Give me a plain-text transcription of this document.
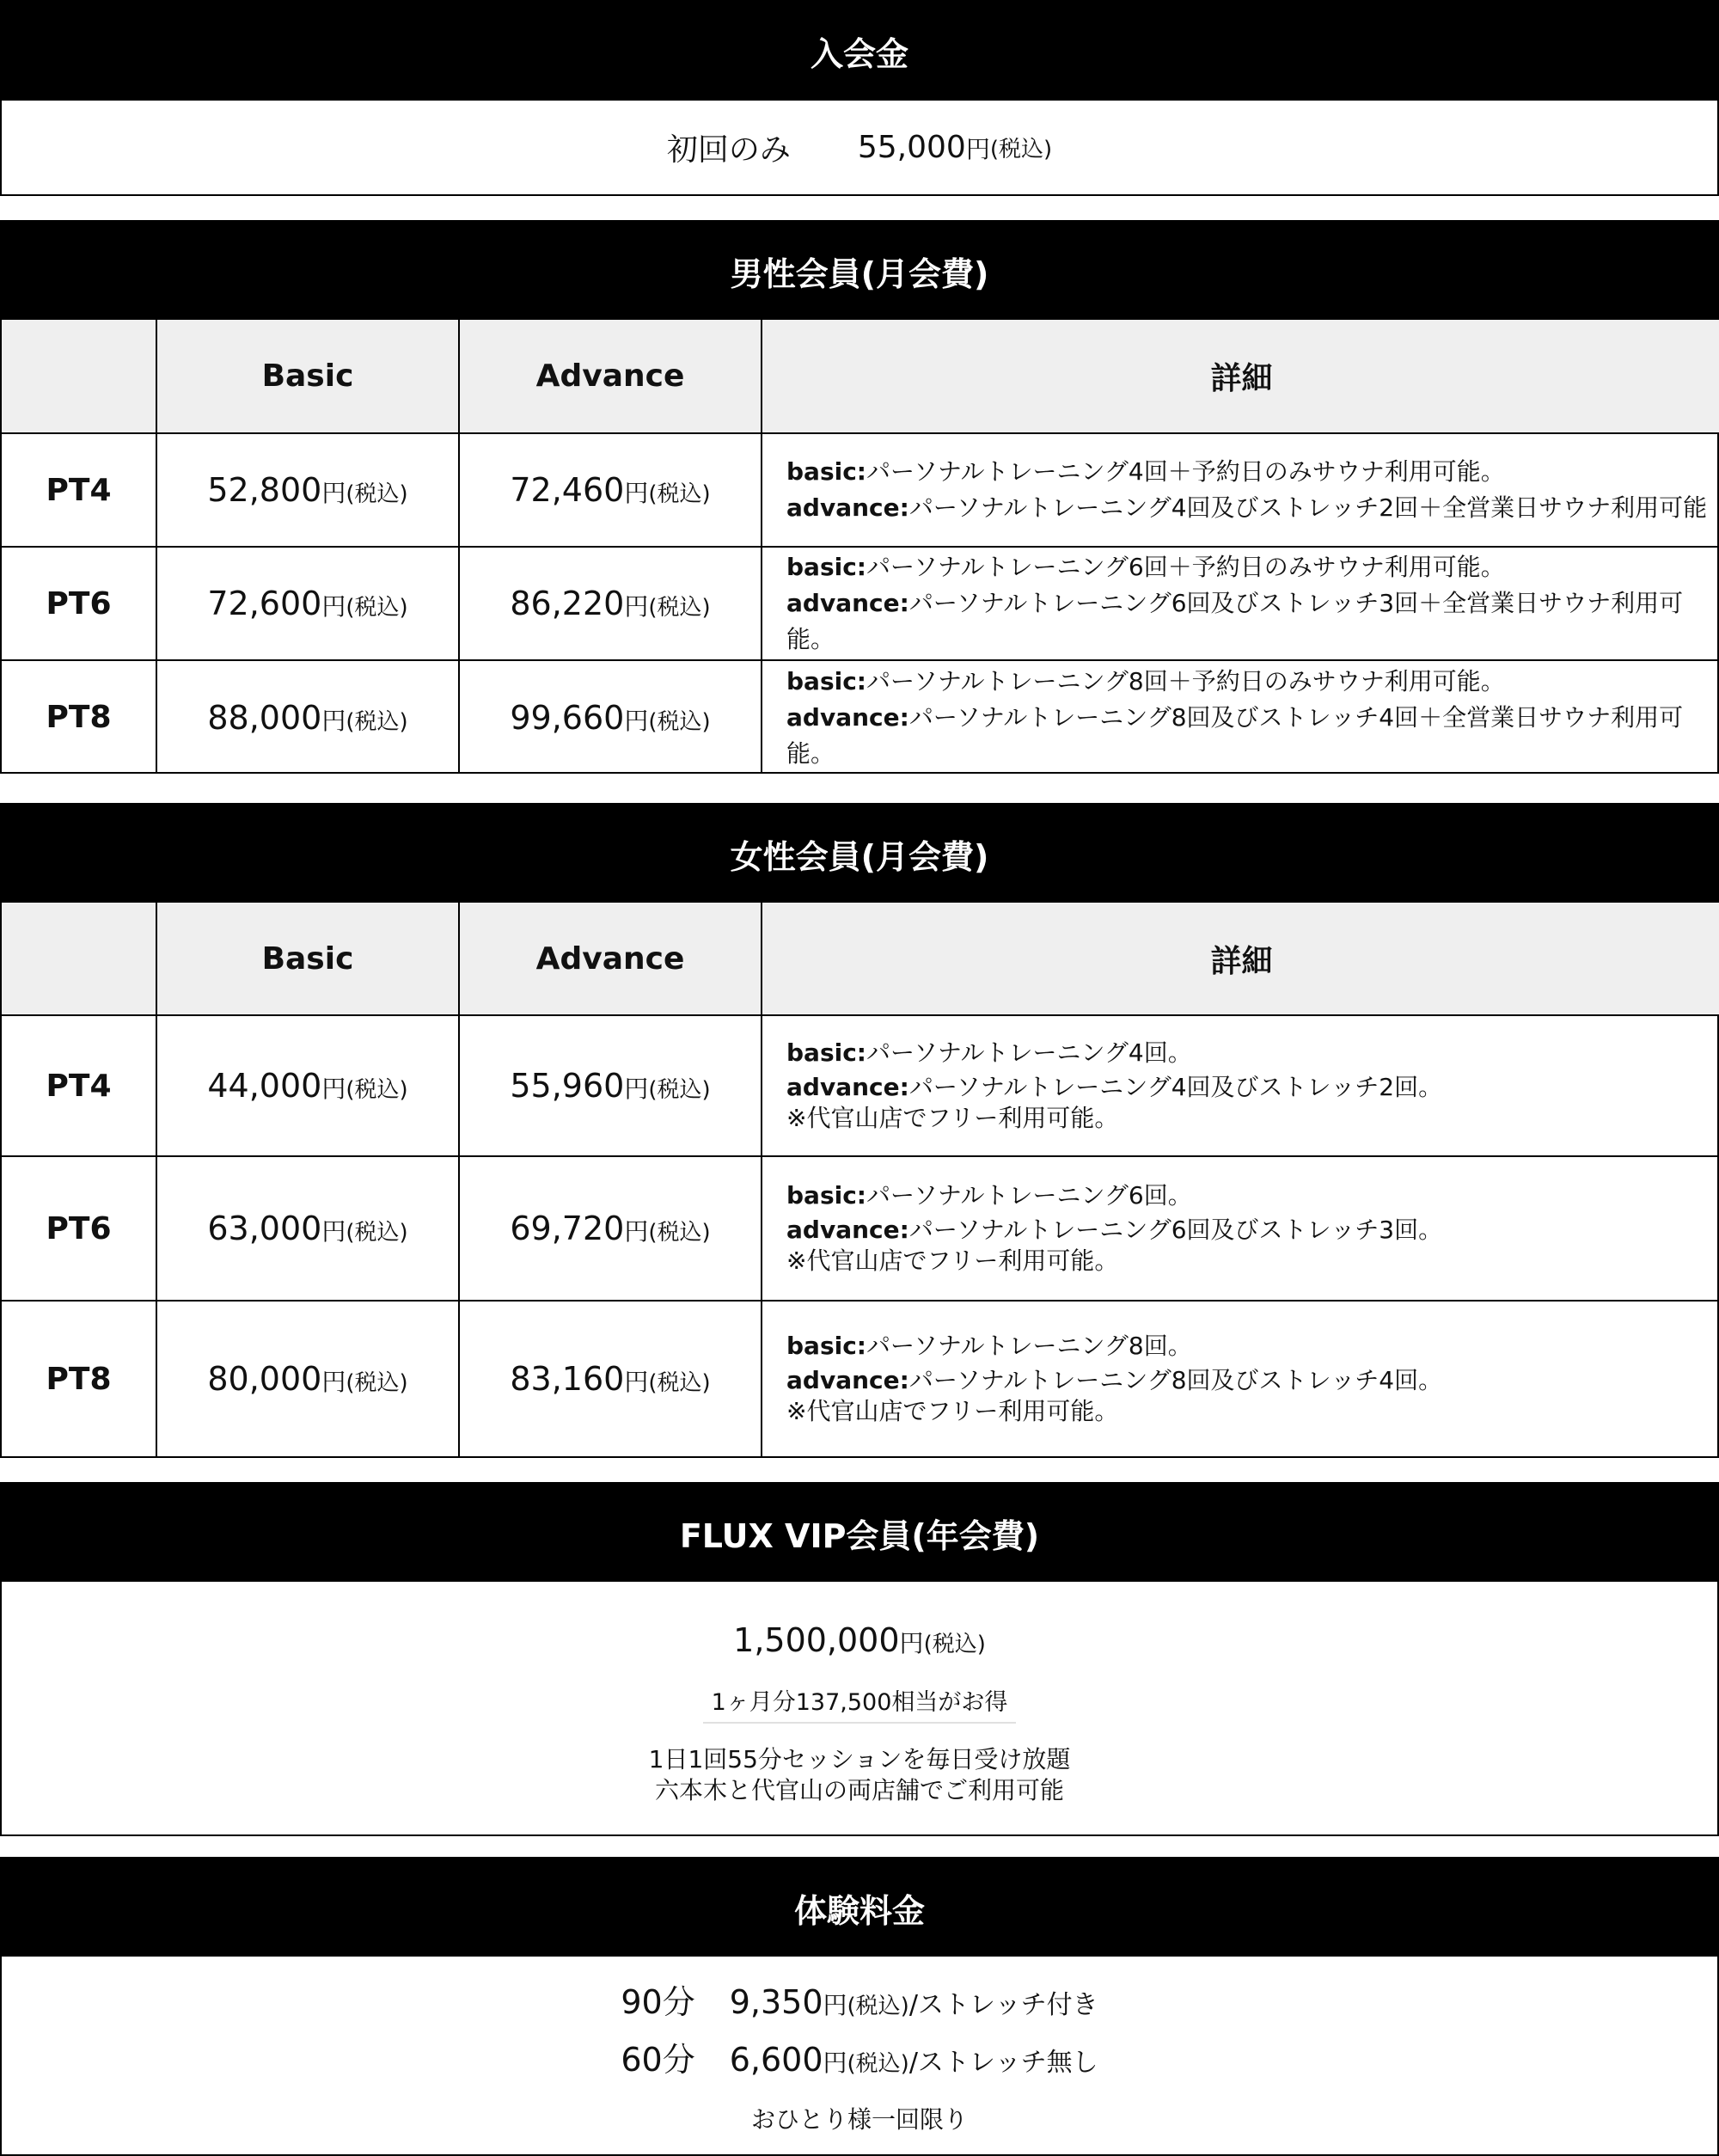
入会金
初回のみ 55,000 円 (税込)
男性会員(月会費)
	Basic	Advance	詳細
PT4	52,800円(税込)	72,460円(税込)	basic:パーソナルトレーニング4回＋予約日のみサウナ利用可能。
advance:パーソナルトレーニング4回及びストレッチ2回＋全営業日サウナ利用可能

PT6	72,600円(税込)	86,220円(税込)	basic:パーソナルトレーニング6回＋予約日のみサウナ利用可能。
advance:パーソナルトレーニング6回及びストレッチ3回＋全営業日サウナ利用可能。

PT8	88,000円(税込)	99,660円(税込)	basic:パーソナルトレーニング8回＋予約日のみサウナ利用可能。
advance:パーソナルトレーニング8回及びストレッチ4回＋全営業日サウナ利用可能。
女性会員(月会費)
	Basic	Advance	詳細
PT4	44,000円(税込)	55,960円(税込)	basic:パーソナルトレーニング4回。
advance:パーソナルトレーニング4回及びストレッチ2回。
※代官山店でフリー利用可能。

PT6	63,000円(税込)	69,720円(税込)	basic:パーソナルトレーニング6回。
advance:パーソナルトレーニング6回及びストレッチ3回。
※代官山店でフリー利用可能。

PT8	80,000円(税込)	83,160円(税込)	basic:パーソナルトレーニング8回。
advance:パーソナルトレーニング8回及びストレッチ4回。
※代官山店でフリー利用可能。
FLUX VIP会員(年会費)
1,500,000円(税込)
1ヶ月分137,500相当がお得
1日1回55分セッションを毎日受け放題
六本木と代官山の両店舗でご利用可能
体験料金
90分 9,350円(税込)/ストレッチ付き
60分 6,600円(税込)/ストレッチ無し
おひとり様一回限り
